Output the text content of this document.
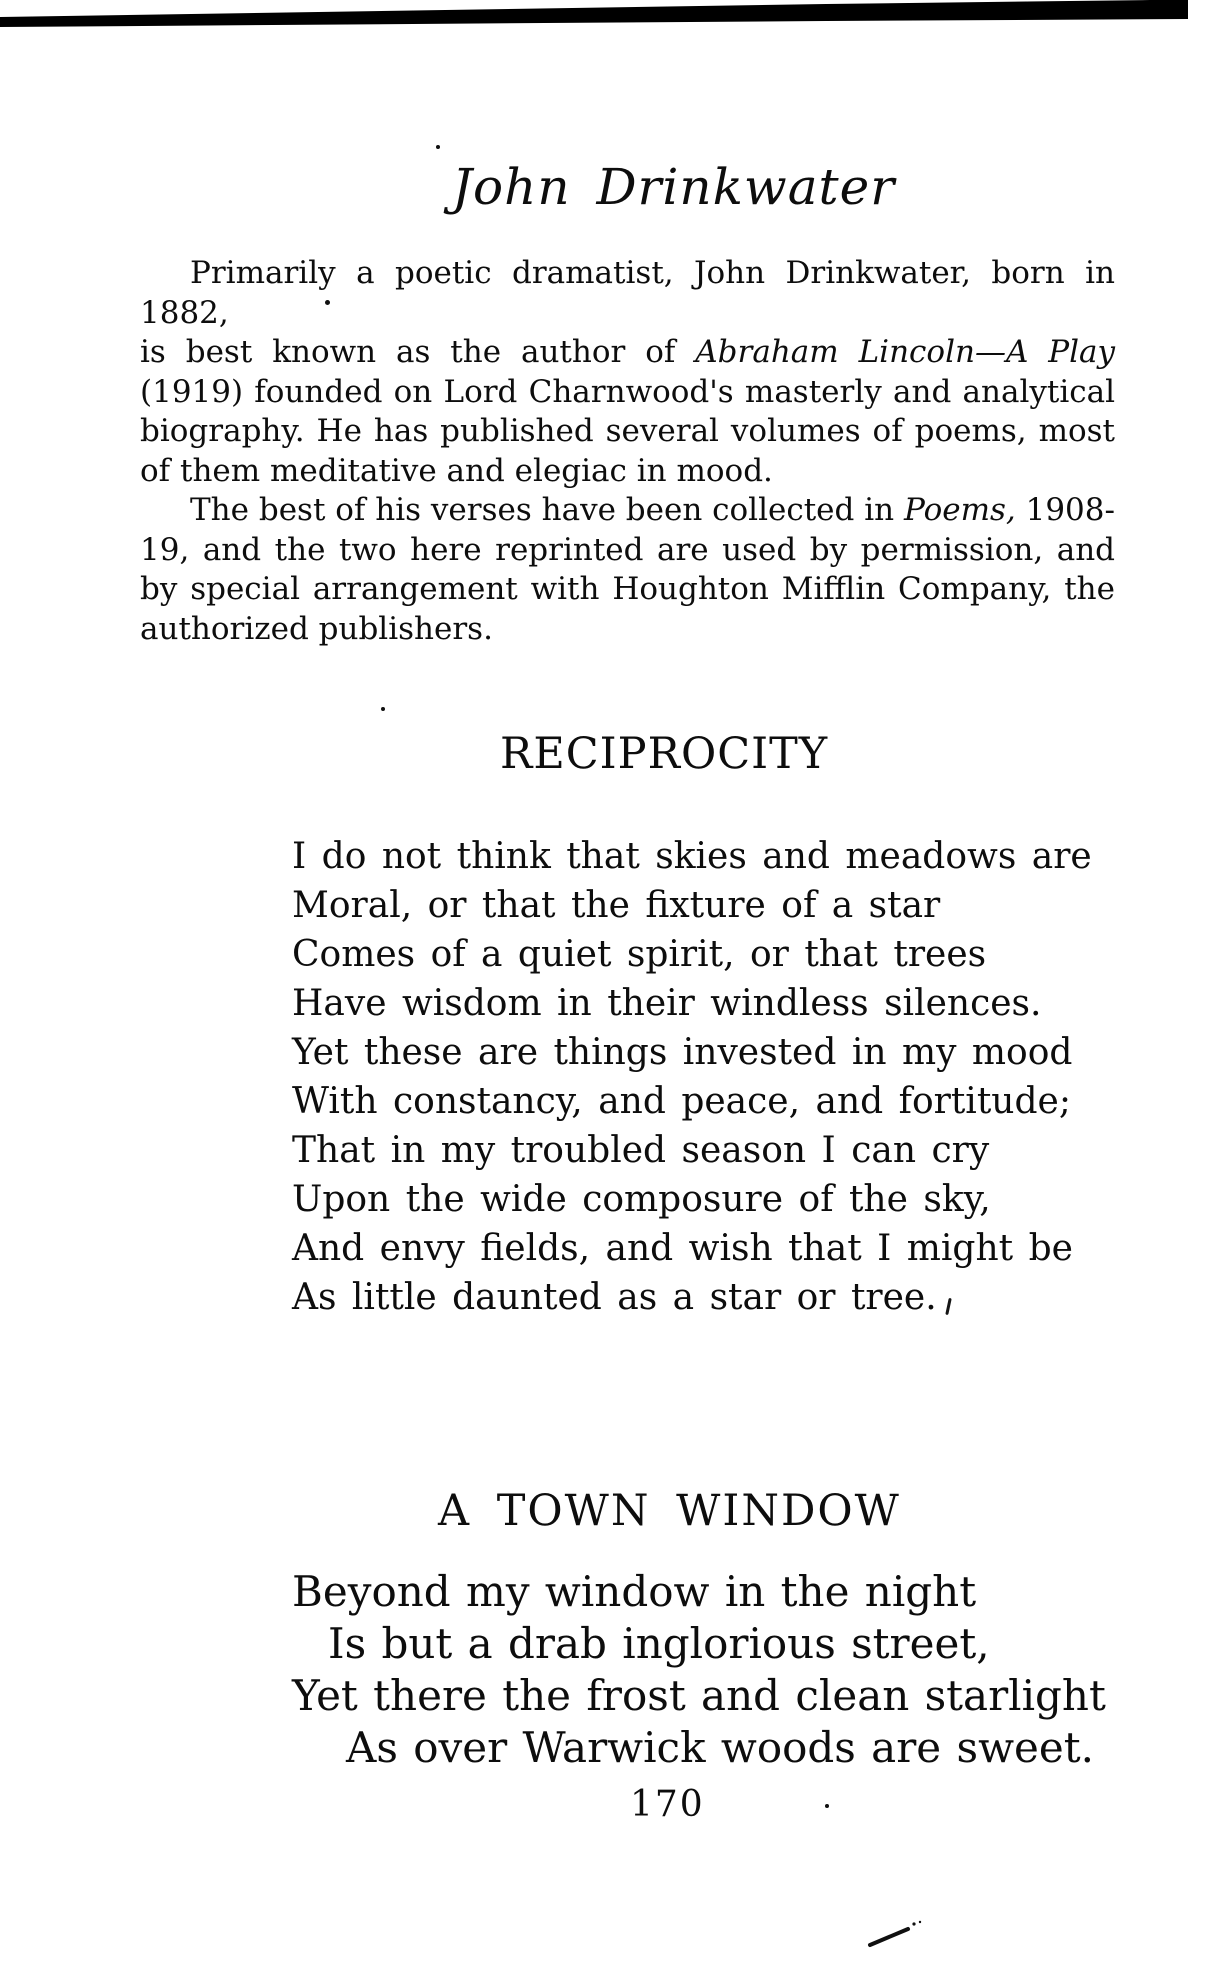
John Drinkwater
Primarily a poetic dramatist, John Drinkwater, born in 1882,
is best known as the author of Abraham Lincoln—A Play
(1919) founded on Lord Charnwood's masterly and analytical
biography. He has published several volumes of poems, most
of them meditative and elegiac in mood.
The best of his verses have been collected in Poems, 1908-
19, and the two here reprinted are used by permission, and
by special arrangement with Houghton Mifflin Company, the
authorized publishers.
RECIPROCITY
I do not think that skies and meadows are
Moral, or that the fixture of a star
Comes of a quiet spirit, or that trees
Have wisdom in their windless silences.
Yet these are things invested in my mood
With constancy, and peace, and fortitude;
That in my troubled season I can cry
Upon the wide composure of the sky,
And envy fields, and wish that I might be
As little daunted as a star or tree.
A TOWN WINDOW
Beyond my window in the night
Is but a drab inglorious street,
Yet there the frost and clean starlight
As over Warwick woods are sweet.
170
